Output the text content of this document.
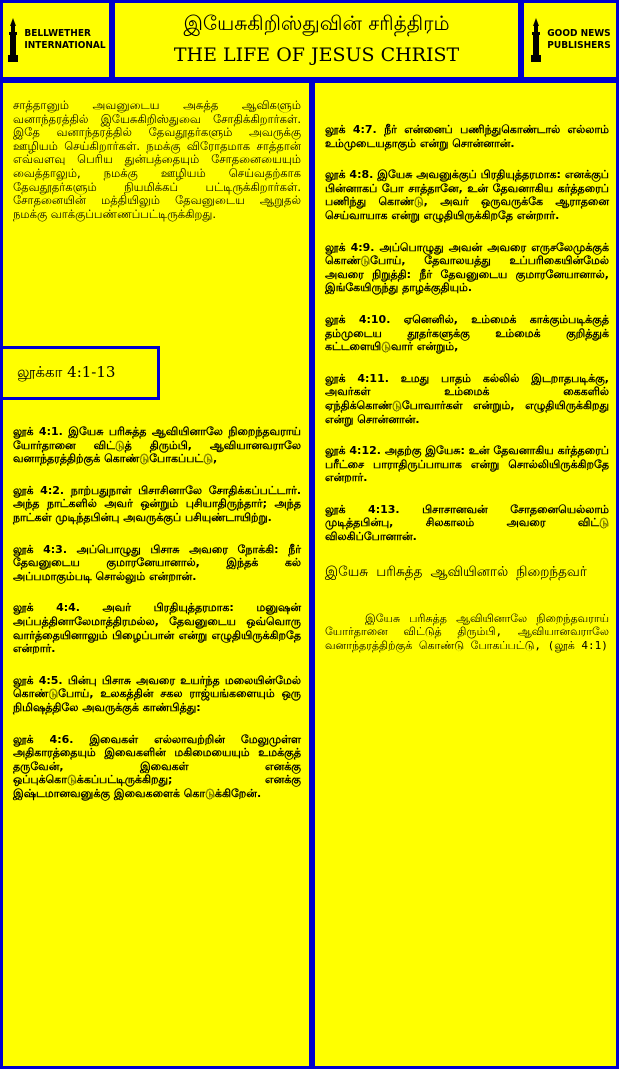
BELLWETHER
INTERNATIONAL
இயேசுகிறிஸ்துவின் சரித்திரம்
THE LIFE OF JESUS CHRIST
GOOD NEWS
PUBLISHERS
சாத்தானும் அவனுடைய அசுத்த ஆவிகளும் வனாந்தரத்தில் இயேசுகிறிஸ்துவை சோதிக்கிறார்கள். இதே வனாந்தரத்தில் தேவதூதர்களும் அவருக்கு ஊழியம் செய்கிறார்கள். நமக்கு விரோதமாக சாத்தான் எவ்வளவு பெரிய துன்பத்தையும் சோதனையையும் வைத்தாலும், நமக்கு ஊழியம் செய்வதற்காக தேவதூதர்களும் நியமிக்கப் பட்டிருக்கிறார்கள். சோதனையின் மத்தியிலும் தேவனுடைய ஆறுதல் நமக்கு வாக்குப்பண்ணப்பட்டிருக்கிறது.
லூக்கா 4:1-13

லூக் 4:1. இயேசு பரிசுத்த ஆவியினாலே நிறைந்தவராய் யோர்தானை விட்டுத் திரும்பி, ஆவியானவராலே வனாந்தரத்திற்குக் கொண்டுபோகப்பட்டு,

லூக் 4:2. நாற்பதுநாள் பிசாசினாலே சோதிக்கப்பட்டார். அந்த நாட்களில் அவர் ஒன்றும் புசியாதிருந்தார்; அந்த நாட்கள் முடிந்தபின்பு அவருக்குப் பசியுண்டாயிற்று.

லூக் 4:3. அப்பொழுது பிசாசு அவரை நோக்கி: நீர் தேவனுடைய குமாரனேயானால், இந்தக் கல் அப்பமாகும்படி சொல்லும் என்றான்.

லூக் 4:4. அவர் பிரதியுத்தரமாக: மனுஷன் அப்பத்தினாலேமாத்திரமல்ல, தேவனுடைய ஒவ்வொரு வார்த்தையினாலும் பிழைப்பான் என்று எழுதியிருக்கிறதே என்றார்.

லூக் 4:5. பின்பு பிசாசு அவரை உயர்ந்த மலையின்மேல் கொண்டுபோய், உலகத்தின் சகல ராஜ்யங்களையும் ஒரு நிமிஷத்திலே அவருக்குக் காண்பித்து:

லூக் 4:6. இவைகள் எல்லாவற்றின் மேலுமுள்ள அதிகாரத்தையும் இவைகளின் மகிமையையும் உமக்குத் தருவேன், இவைகள் எனக்கு ஒப்புக்கொடுக்கப்பட்டிருக்கிறது; எனக்கு இஷ்டமானவனுக்கு இவைகளைக் கொடுக்கிறேன்.

லூக் 4:7. நீர் என்னைப் பணிந்துகொண்டால் எல்லாம் உம்முடையதாகும் என்று சொன்னான்.

லூக் 4:8. இயேசு அவனுக்குப் பிரதியுத்தரமாக: எனக்குப் பின்னாகப் போ சாத்தானே, உன் தேவனாகிய கர்த்தரைப் பணிந்து கொண்டு, அவர் ஒருவருக்கே ஆராதனை செய்வாயாக என்று எழுதியிருக்கிறதே என்றார்.

லூக் 4:9. அப்பொழுது அவன் அவரை எருசலேமுக்குக் கொண்டுபோய், தேவாலயத்து உப்பரிகையின்மேல் அவரை நிறுத்தி: நீர் தேவனுடைய குமாரனேயானால், இங்கேயிருந்து தாழக்குதியும்.

லூக் 4:10. ஏனெனில், உம்மைக் காக்கும்படிக்குத் தம்முடைய தூதர்களுக்கு உம்மைக் குறித்துக் கட்டளையிடுவார் என்றும்,

லூக் 4:11. உமது பாதம் கல்லில் இடறாதபடிக்கு, அவர்கள் உம்மைக் கைகளில் ஏந்திக்கொண்டுபோவார்கள் என்றும், எழுதியிருக்கிறது என்று சொன்னான்.

லூக் 4:12. அதற்கு இயேசு: உன் தேவனாகிய கர்த்தரைப் பரீட்சை பாராதிருப்பாயாக என்று சொல்லியிருக்கிறதே என்றார்.

லூக் 4:13. பிசாசானவன் சோதனையெல்லாம் முடித்தபின்பு, சிலகாலம் அவரை விட்டு விலகிப்போனான்.

இயேசு பரிசுத்த ஆவியினால் நிறைந்தவர்
இயேசு பரிசுத்த ஆவியினாலே நிறைந்தவராய் யோர்தானை விட்டுத் திரும்பி, ஆவியானவராலே வனாந்தரத்திற்குக் கொண்டு போகப்பட்டு, (லூக் 4:1)
